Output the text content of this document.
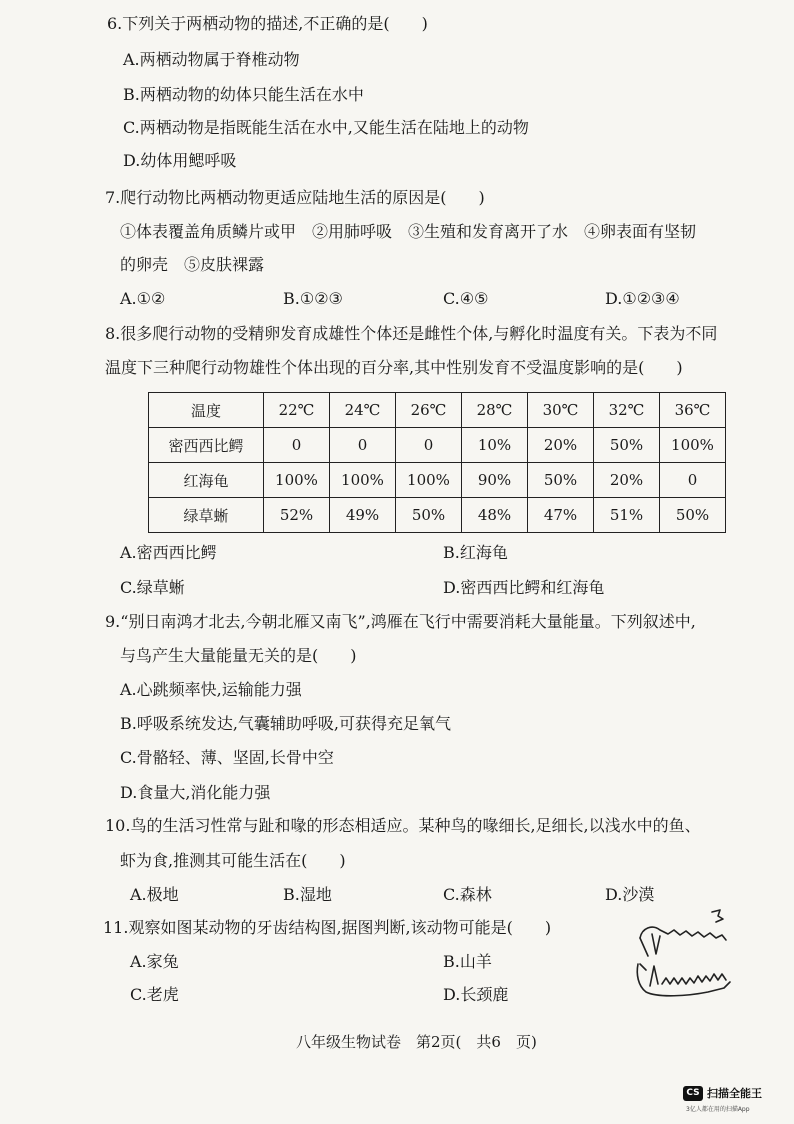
6.下列关于两栖动物的描述,不正确的是(　　)
A.两栖动物属于脊椎动物
B.两栖动物的幼体只能生活在水中
C.两栖动物是指既能生活在水中,又能生活在陆地上的动物
D.幼体用鳃呼吸
7.爬行动物比两栖动物更适应陆地生活的原因是(　　)
①体表覆盖角质鳞片或甲　②用肺呼吸　③生殖和发育离开了水　④卵表面有坚韧
的卵壳　⑤皮肤裸露
A.①②	B.①②③	C.④⑤	D.①②③④
8.很多爬行动物的受精卵发育成雄性个体还是雌性个体,与孵化时温度有关。下表为不同
温度下三种爬行动物雄性个体出现的百分率,其中性别发育不受温度影响的是(　　)
温度	22℃	24℃	26℃	28℃	30℃	32℃	36℃
密西西比鳄	0	0	0	10%	20%	50%	100%
红海龟	100%	100%	100%	90%	50%	20%	0
绿草蜥	52%	49%	50%	48%	47%	51%	50%
A.密西西比鳄	B.红海龟
C.绿草蜥	D.密西西比鳄和红海龟
9.“别日南鸿才北去,今朝北雁又南飞”,鸿雁在飞行中需要消耗大量能量。下列叙述中,
与鸟产生大量能量无关的是(　　)
A.心跳频率快,运输能力强
B.呼吸系统发达,气囊辅助呼吸,可获得充足氧气
C.骨骼轻、薄、坚固,长骨中空
D.食量大,消化能力强
10.鸟的生活习性常与趾和喙的形态相适应。某种鸟的喙细长,足细长,以浅水中的鱼、
虾为食,推测其可能生活在(　　)
A.极地	B.湿地	C.森林	D.沙漠
11.观察如图某动物的牙齿结构图,据图判断,该动物可能是(　　)
A.家兔	B.山羊
C.老虎	D.长颈鹿
八年级生物试卷　第2页(　共6　页)
CS 扫描全能王
3亿人都在用的扫描App
